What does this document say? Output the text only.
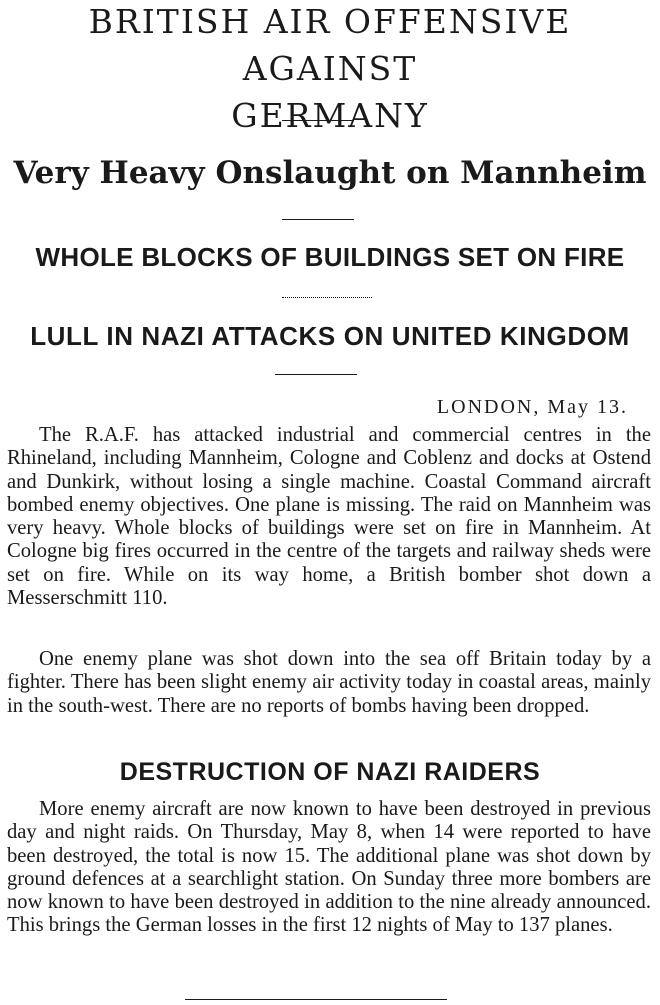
BRITISH AIR OFFENSIVE AGAINST
GERMANY
Very Heavy Onslaught on Mannheim
WHOLE BLOCKS OF BUILDINGS SET ON FIRE
LULL IN NAZI ATTACKS ON UNITED KINGDOM

LONDON, May 13.

The R.A.F. has attacked industrial and commercial centres in the Rhineland, including Mannheim, Cologne and Coblenz and docks at Ostend and Dunkirk, without losing a single machine. Coastal Command aircraft bombed enemy objectives. One plane is missing. The raid on Mannheim was very heavy. Whole blocks of buildings were set on fire in Mannheim. At Cologne big fires occurred in the centre of the targets and railway sheds were set on fire. While on its way home, a British bomber shot down a Messerschmitt 110.

One enemy plane was shot down into the sea off Britain today by a fighter. There has been slight enemy air activity today in coastal areas, mainly in the south-west. There are no reports of bombs having been dropped.

DESTRUCTION OF NAZI RAIDERS

More enemy aircraft are now known to have been destroyed in previous day and night raids. On Thursday, May 8, when 14 were reported to have been destroyed, the total is now 15. The additional plane was shot down by ground defences at a searchlight station. On Sunday three more bombers are now known to have been destroyed in addition to the nine already announced. This brings the German losses in the first 12 nights of May to 137 planes.
